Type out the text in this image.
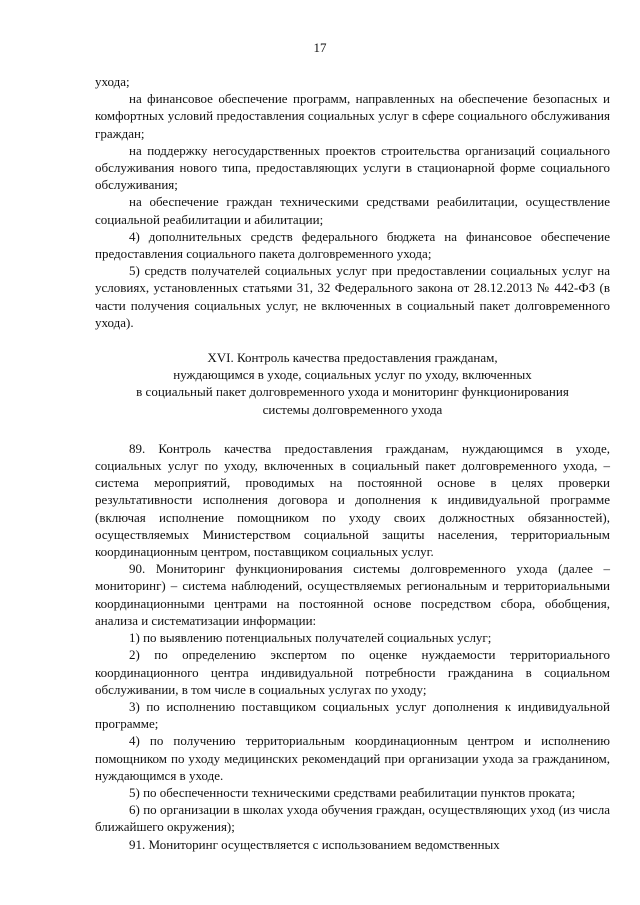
17

ухода;

на финансовое обеспечение программ, направленных на обеспечение безопасных и комфортных условий предоставления социальных услуг в сфере социального обслуживания граждан;

на поддержку негосударственных проектов строительства организаций социального обслуживания нового типа, предоставляющих услуги в стационарной форме социального обслуживания;

на обеспечение граждан техническими средствами реабилитации, осуществление социальной реабилитации и абилитации;

4) дополнительных средств федерального бюджета на финансовое обеспечение предоставления социального пакета долговременного ухода;

5) средств получателей социальных услуг при предоставлении социальных услуг на условиях, установленных статьями 31, 32 Федерального закона от 28.12.2013 № 442-ФЗ (в части получения социальных услуг, не включенных в социальный пакет долговременного ухода).

XVI. Контроль качества предоставления гражданам,
нуждающимся в уходе, социальных услуг по уходу, включенных
в социальный пакет долговременного ухода и мониторинг функционирования
системы долговременного ухода

89. Контроль качества предоставления гражданам, нуждающимся в уходе, социальных услуг по уходу, включенных в социальный пакет долговременного ухода, – система мероприятий, проводимых на постоянной основе в целях проверки результативности исполнения договора и дополнения к индивидуальной программе (включая исполнение помощником по уходу своих должностных обязанностей), осуществляемых Министерством социальной защиты населения, территориальным координационным центром, поставщиком социальных услуг.

90. Мониторинг функционирования системы долговременного ухода (далее – мониторинг) – система наблюдений, осуществляемых региональным и территориальными координационными центрами на постоянной основе посредством сбора, обобщения, анализа и систематизации информации:

1) по выявлению потенциальных получателей социальных услуг;

2) по определению экспертом по оценке нуждаемости территориального координационного центра индивидуальной потребности гражданина в социальном обслуживании, в том числе в социальных услугах по уходу;

3) по исполнению поставщиком социальных услуг дополнения к индивидуальной программе;

4) по получению территориальным координационным центром и исполнению помощником по уходу медицинских рекомендаций при организации ухода за гражданином, нуждающимся в уходе.

5) по обеспеченности техническими средствами реабилитации пунктов проката;

6) по организации в школах ухода обучения граждан, осуществляющих уход (из числа ближайшего окружения);

91. Мониторинг осуществляется с использованием ведомственных
